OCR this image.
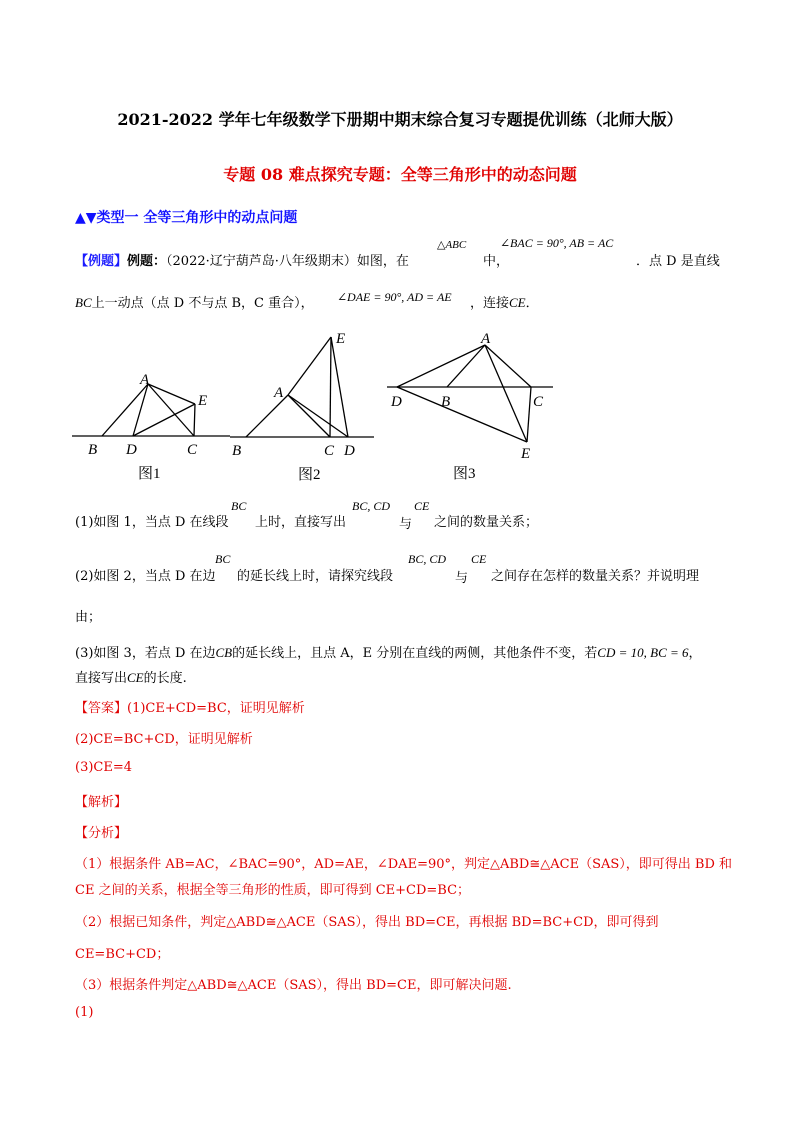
2021-2022 学年七年级数学下册期中期末综合复习专题提优训练（北师大版）
专题 08 难点探究专题：全等三角形中的动态问题
▲▼类型一 全等三角形中的动点问题
【例题】例题：（2022·辽宁葫芦岛·八年级期末）如图，在
△ABC
中，
∠BAC = 90°, AB = AC
．点 D 是直线
BC上一动点（点 D 不与点 B，C 重合）， ∠DAE = 90°, AD = AE ，连接CE．
A
B D	C
E
图1
A
B	C D
E
图2
A
D	B	C
E
图3
(1)如图 1，当点 D 在线段
BC
上时，直接写出
BC, CD
与
CE
之间的数量关系；
(2)如图 2，当点 D 在边
BC
的延长线上时，请探究线段
BC, CD
与
CE
之间存在怎样的数量关系？并说明理
由；
(3)如图 3，若点 D 在边CB的延长线上，且点 A，E 分别在直线的两侧，其他条件不变，若CD = 10, BC = 6，
直接写出CE的长度.
【答案】(1)CE+CD=BC，证明见解析
(2)CE=BC+CD，证明见解析
(3)CE=4
【解析】
【分析】
（1）根据条件 AB=AC，∠BAC=90°，AD=AE，∠DAE=90°，判定△ABD≅△ACE（SAS），即可得出 BD 和
CE 之间的关系，根据全等三角形的性质，即可得到 CE+CD=BC；
（2）根据已知条件，判定△ABD≅△ACE（SAS），得出 BD=CE，再根据 BD=BC+CD，即可得到
CE=BC+CD；
（3）根据条件判定△ABD≅△ACE（SAS），得出 BD=CE，即可解决问题.
(1)
